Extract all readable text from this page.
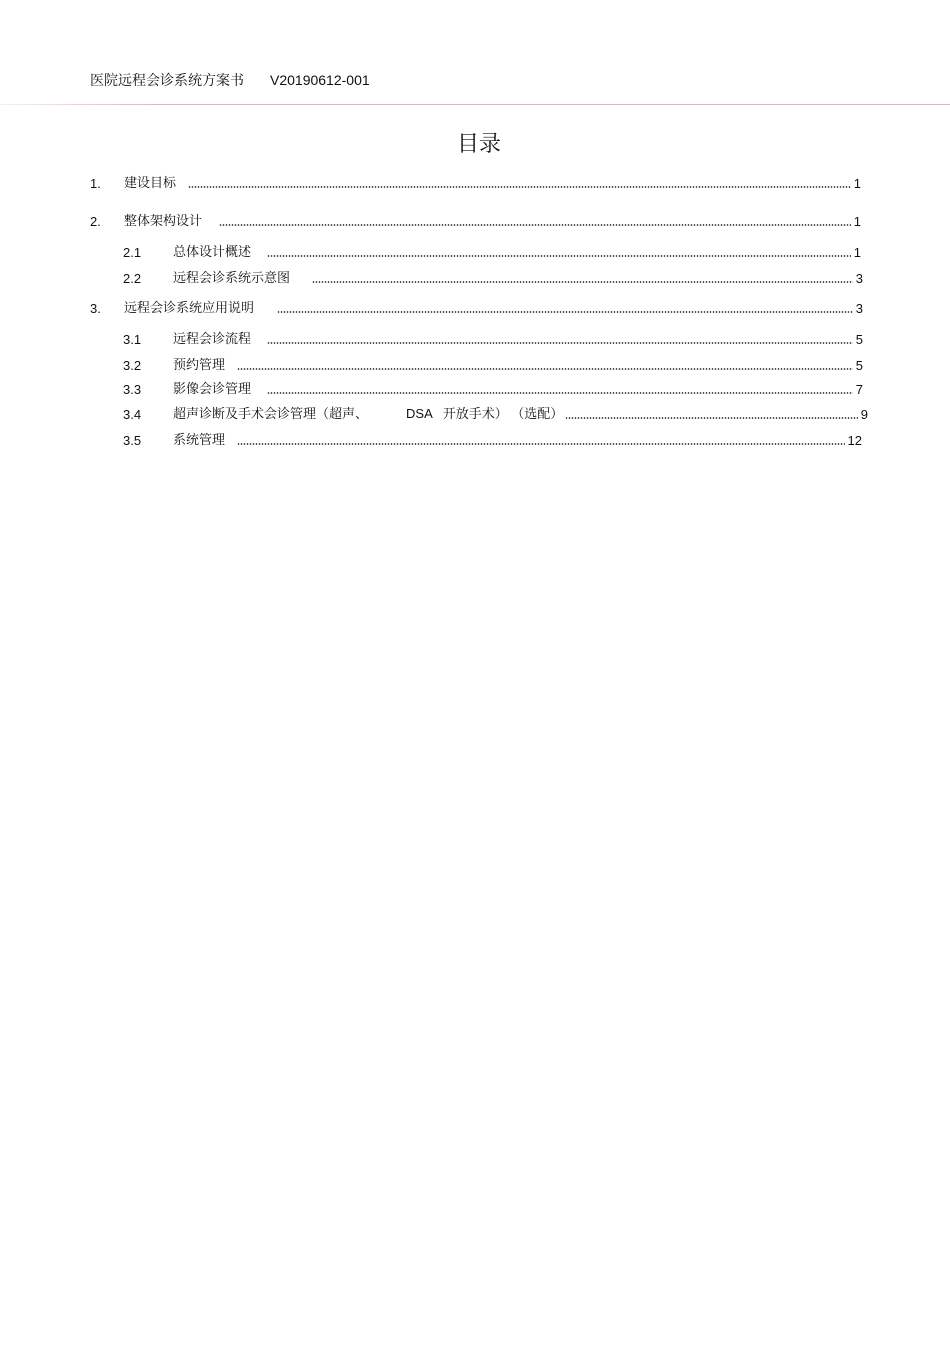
医院远程会诊系统方案书 V20190612-001
目录
1.	建设目标	1
2.	整体架构设计	1
2.1	总体设计概述	1
2.2	远程会诊系统示意图	3
3.	远程会诊系统应用说明	3
3.1	远程会诊流程	5
3.2	预约管理	5
3.3	影像会诊管理	7
3.4	超声诊断及手术会诊管理（超声、	DSA 开放手术） （选配）	9
3.5	系统管理	12
